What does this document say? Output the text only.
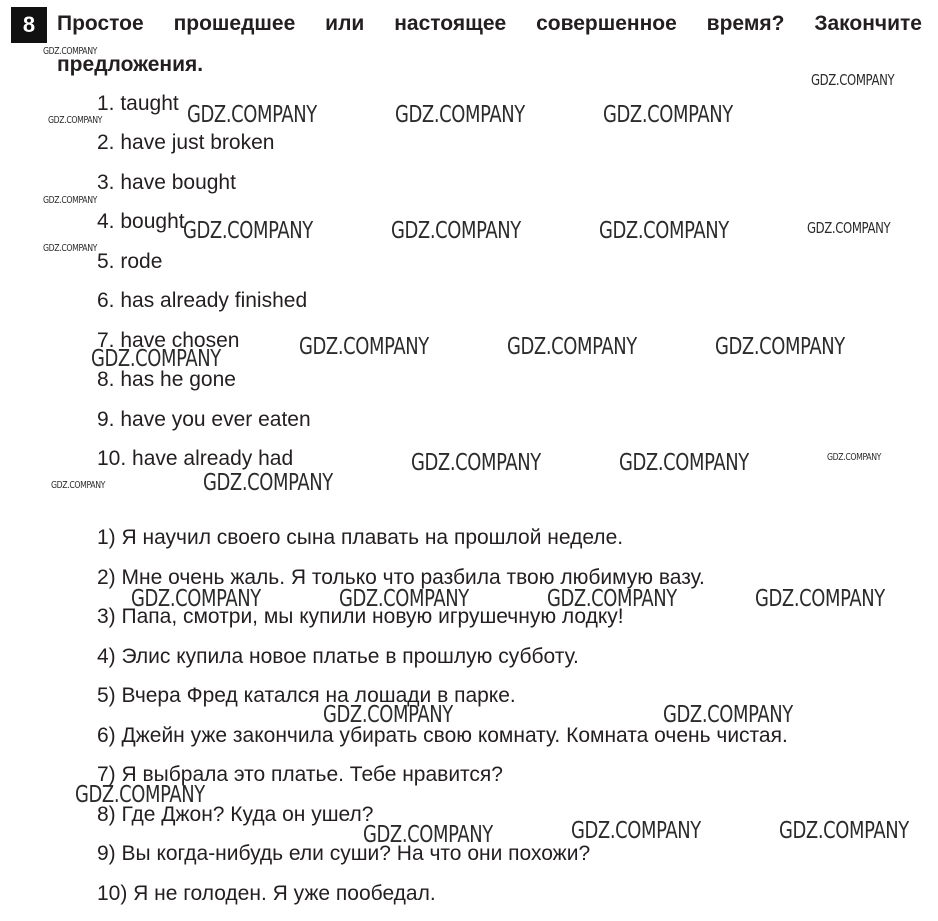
8	Простое прошедшее или настоящее совершенное время? Закончите
предложения.
1. taught
2. have just broken
3. have bought
4. bought
5. rode
6. has already finished
7. have chosen
8. has he gone
9. have you ever eaten
10. have already had
1) Я научил своего сына плавать на прошлой неделе.
2) Мне очень жаль. Я только что разбила твою любимую вазу.
3) Папа, смотри, мы купили новую игрушечную лодку!
4) Элис купила новое платье в прошлую субботу.
5) Вчера Фред катался на лошади в парке.
6) Джейн уже закончила убирать свою комнату. Комната очень чистая.
7) Я выбрала это платье. Тебе нравится?
8) Где Джон? Куда он ушел?
9) Вы когда-нибудь ели суши? На что они похожи?
10) Я не голоден. Я уже пообедал.
GDZ.COMPANY
GDZ.COMPANY
GDZ.COMPANY	GDZ.COMPANY	GDZ.COMPANY
GDZ.COMPANY
GDZ.COMPANY
GDZ.COMPANY	GDZ.COMPANY	GDZ.COMPANY	GDZ.COMPANY
GDZ.COMPANY
GDZ.COMPANY	GDZ.COMPANY	GDZ.COMPANY
GDZ.COMPANY
GDZ.COMPANY	GDZ.COMPANY	GDZ.COMPANY
GDZ.COMPANY
GDZ.COMPANY
GDZ.COMPANY	GDZ.COMPANY	GDZ.COMPANY	GDZ.COMPANY
GDZ.COMPANY	GDZ.COMPANY
GDZ.COMPANY
GDZ.COMPANY	GDZ.COMPANY	GDZ.COMPANY
